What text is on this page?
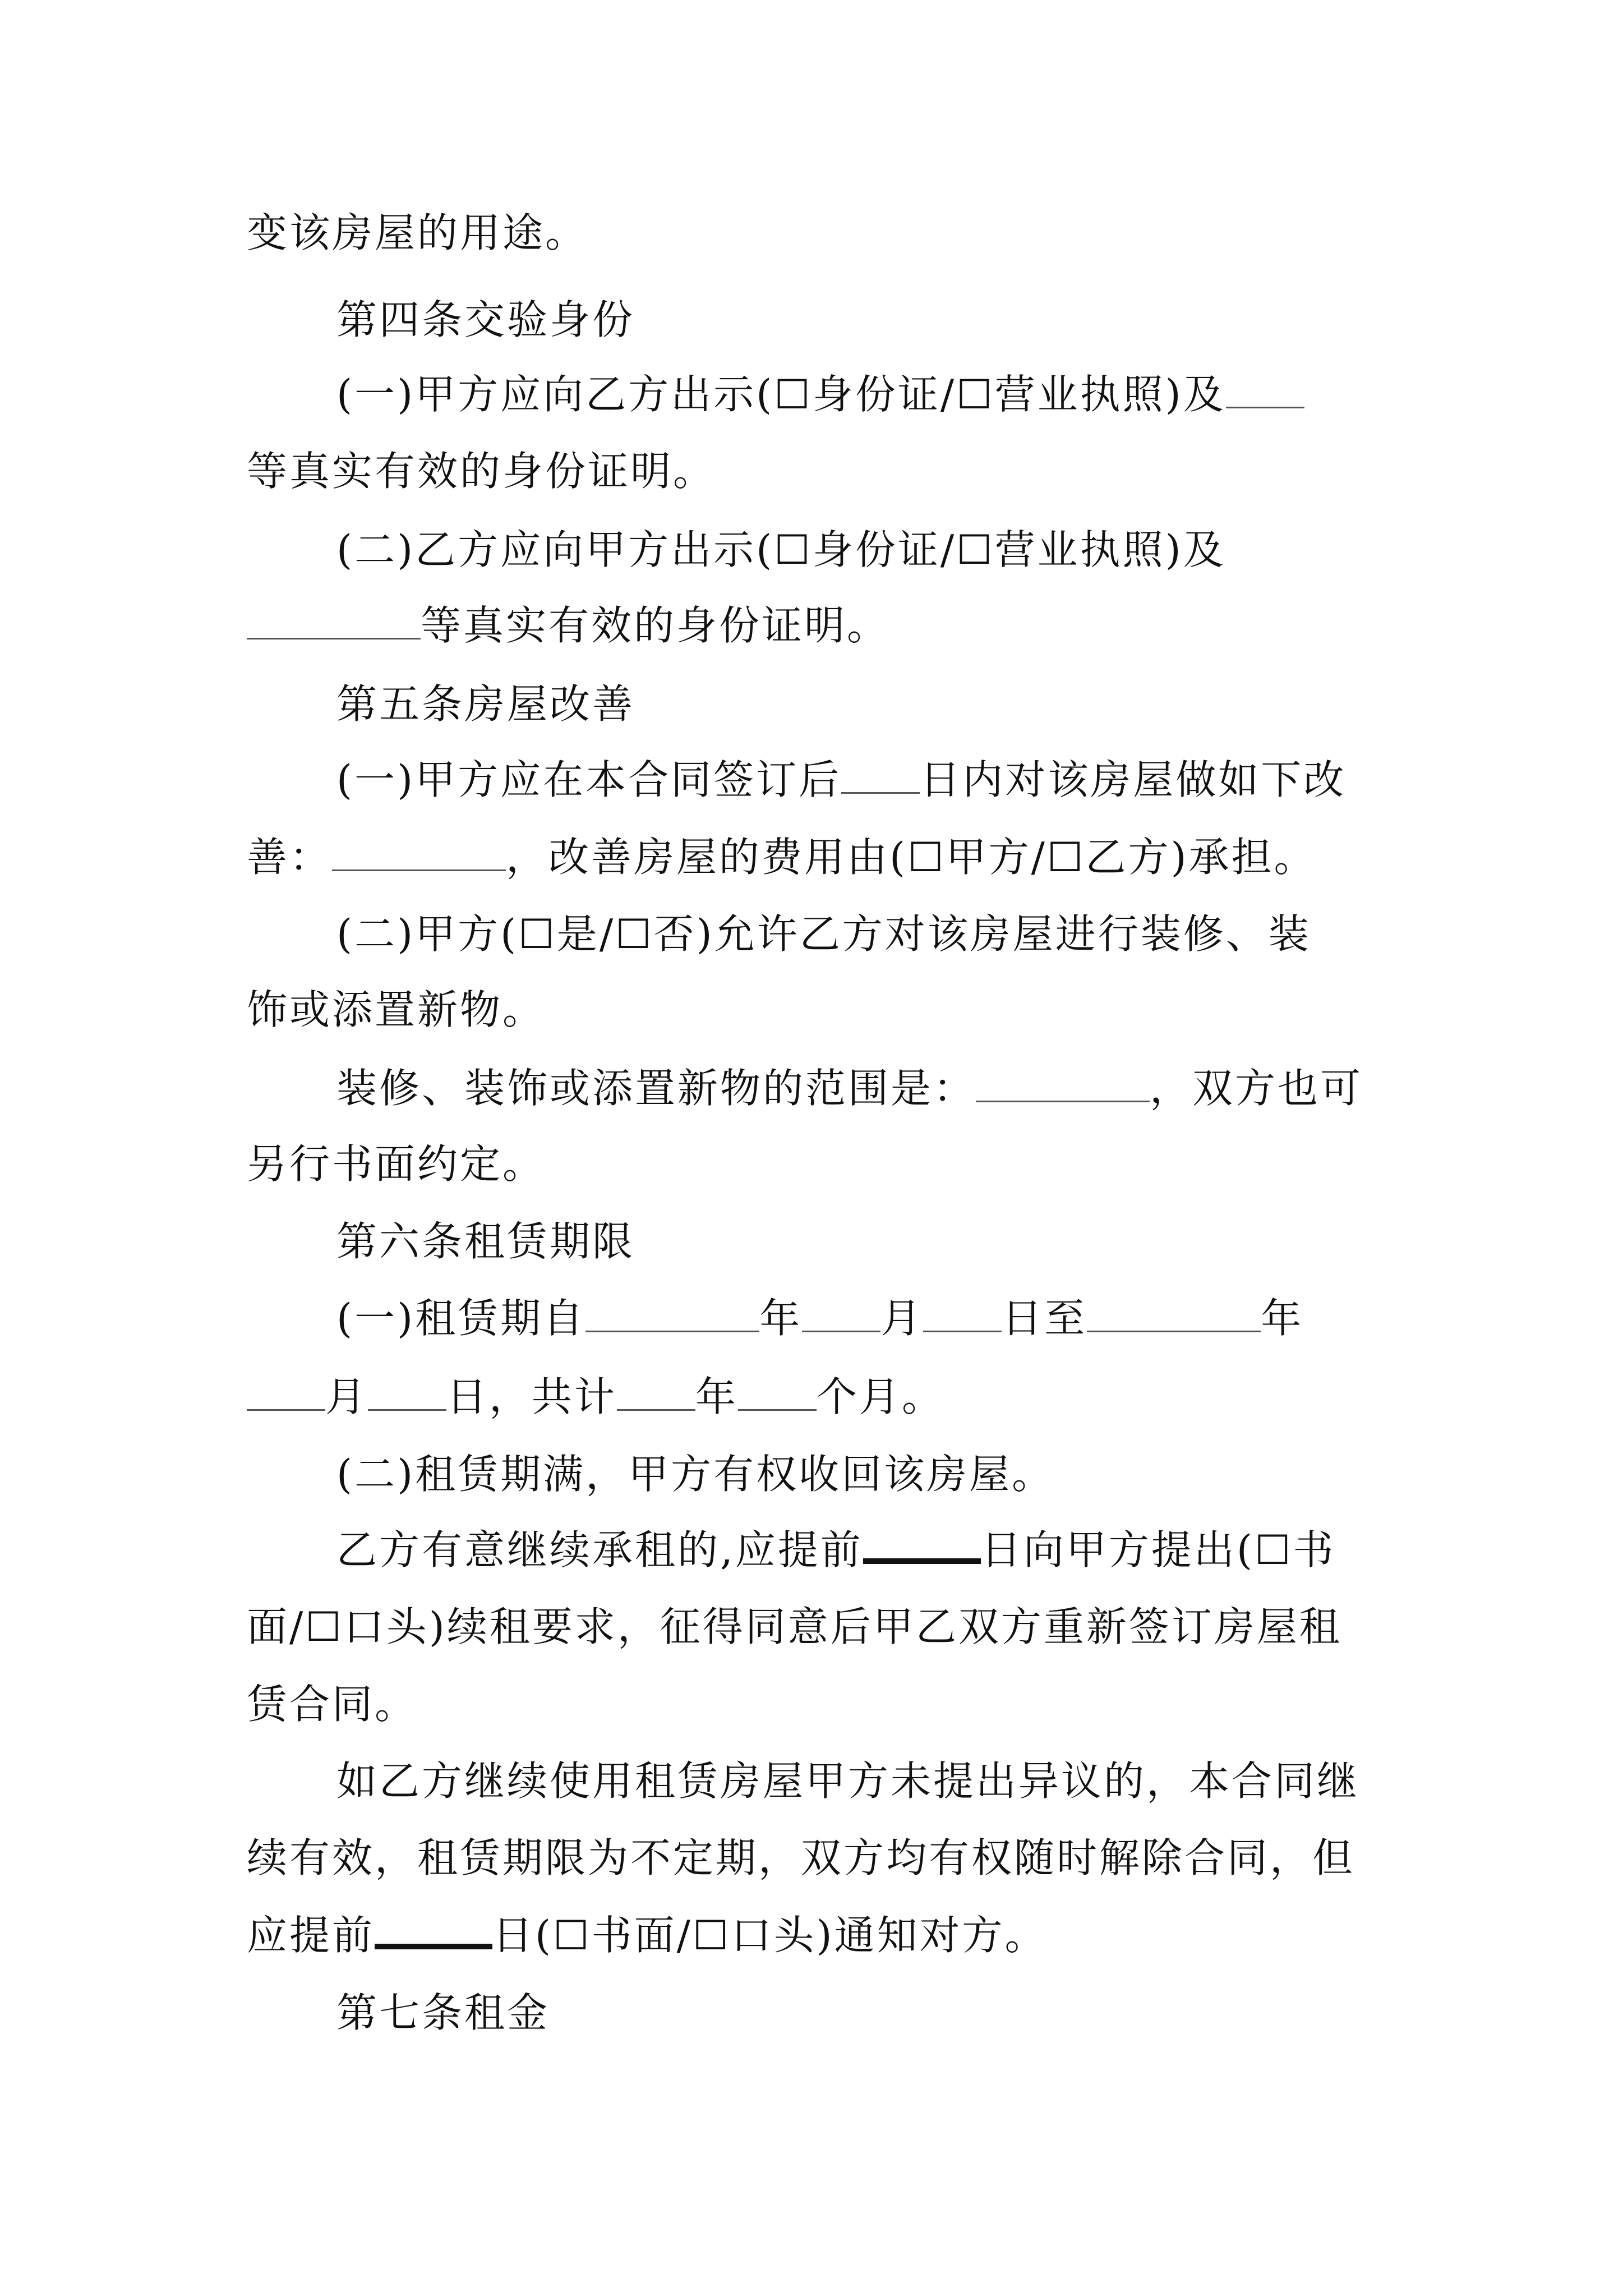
变该房屋的用途。
第四条交验身份
(一)甲方应向乙方出示(☐身份证/☐营业执照)及
等真实有效的身份证明。
(二)乙方应向甲方出示(☐身份证/☐营业执照)及
等真实有效的身份证明。
第五条房屋改善
(一)甲方应在本合同签订后 日内对该房屋做如下改
善：	，改善房屋的费用由(☐甲方/☐乙方)承担。
(二)甲方(☐是/☐否)允许乙方对该房屋进行装修、装
饰或添置新物。
装修、装饰或添置新物的范围是：	，双方也可
另行书面约定。
第六条租赁期限
(一)租赁期自	年 月 日至	年
月 日，共计 年 个月。
(二)租赁期满，甲方有权收回该房屋。
乙方有意继续承租的,应提前	日向甲方提出(☐书
面/☐口头)续租要求，征得同意后甲乙双方重新签订房屋租
赁合同。
如乙方继续使用租赁房屋甲方未提出异议的，本合同继
续有效，租赁期限为不定期，双方均有权随时解除合同，但
应提前	日(☐书面/☐口头)通知对方。
第七条租金
